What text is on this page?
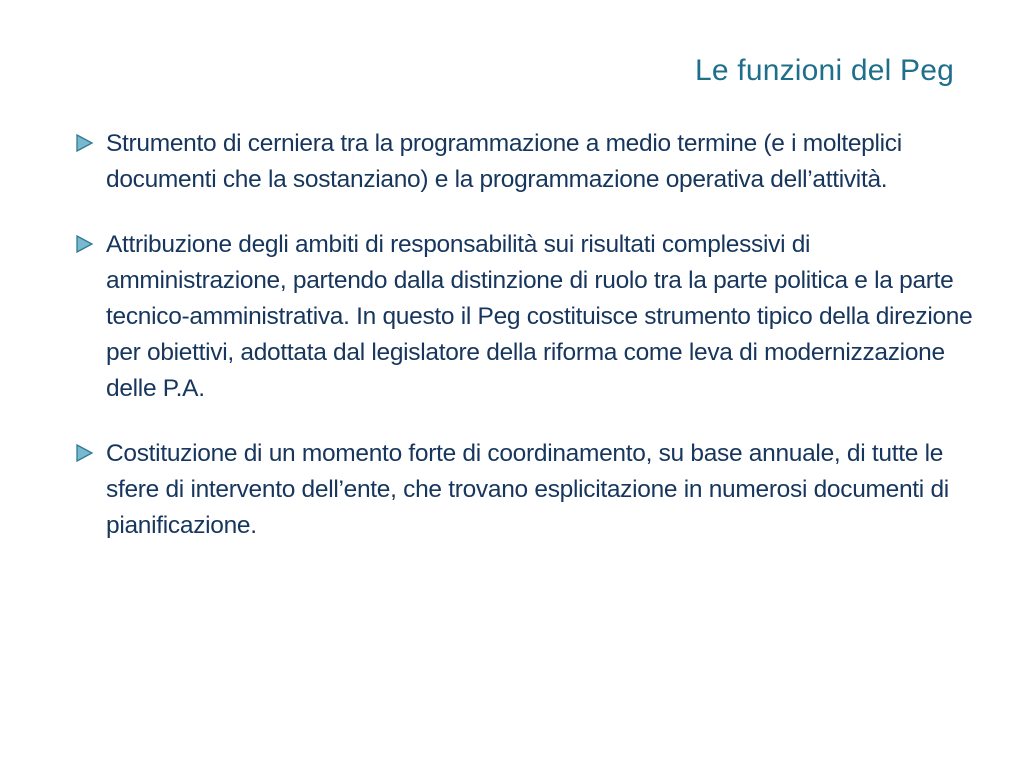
Le funzioni del Peg
Strumento di cerniera tra la programmazione a medio termine (e i molteplici documenti che la sostanziano) e la programmazione operativa dell’attività.
Attribuzione degli ambiti di responsabilità sui risultati complessivi di amministrazione, partendo dalla distinzione di ruolo tra la parte politica e la parte tecnico-amministrativa. In questo il Peg costituisce strumento tipico della direzione per obiettivi, adottata dal legislatore della riforma come leva di modernizzazione delle P.A.
Costituzione di un momento forte di coordinamento, su base annuale, di tutte le sfere di intervento dell’ente, che trovano esplicitazione in numerosi documenti di pianificazione.
